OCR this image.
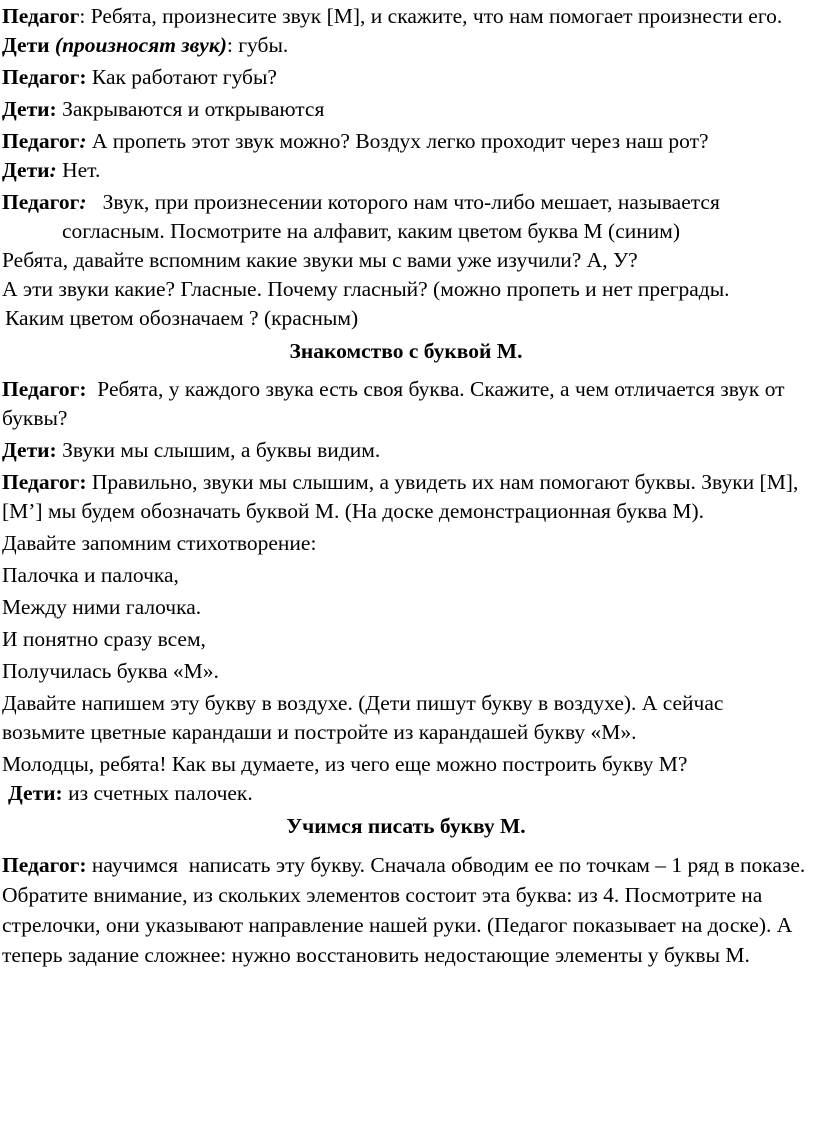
Педагог: Ребята, произнесите звук [М], и скажите, что нам помогает произнести его.

Дети (произносят звук): губы.

Педагог: Как работают губы?

Дети: Закрываются и открываются

Педагог: А пропеть этот звук можно? Воздух легко проходит через наш рот?

Дети: Нет.

Педагог:   Звук, при произнесении которого нам что-либо мешает, называется согласным. Посмотрите на алфавит, каким цветом буква М (синим)

Ребята, давайте вспомним какие звуки мы с вами уже изучили? А, У?

А эти звуки какие? Гласные. Почему гласный? (можно пропеть и нет преграды.

Каким цветом обозначаем ? (красным)

Знакомство с буквой М.

Педагог:  Ребята, у каждого звука есть своя буква. Скажите, а чем отличается звук от буквы?

Дети: Звуки мы слышим, а буквы видим.

Педагог: Правильно, звуки мы слышим, а увидеть их нам помогают буквы. Звуки [М], [М’] мы будем обозначать буквой М. (На доске демонстрационная буква М).

Давайте запомним стихотворение:

Палочка и палочка,

Между ними галочка.

И понятно сразу всем,

Получилась буква «М».

Давайте напишем эту букву в воздухе. (Дети пишут букву в воздухе). А сейчас возьмите цветные карандаши и постройте из карандашей букву «М».

Молодцы, ребята! Как вы думаете, из чего еще можно построить букву М?

Дети: из счетных палочек.

Учимся писать букву М.

Педагог: научимся  написать эту букву. Сначала обводим ее по точкам – 1 ряд в показе. Обратите внимание, из скольких элементов состоит эта буква: из 4. Посмотрите на стрелочки, они указывают направление нашей руки. (Педагог показывает на доске). А теперь задание сложнее: нужно восстановить недостающие элементы у буквы М.
